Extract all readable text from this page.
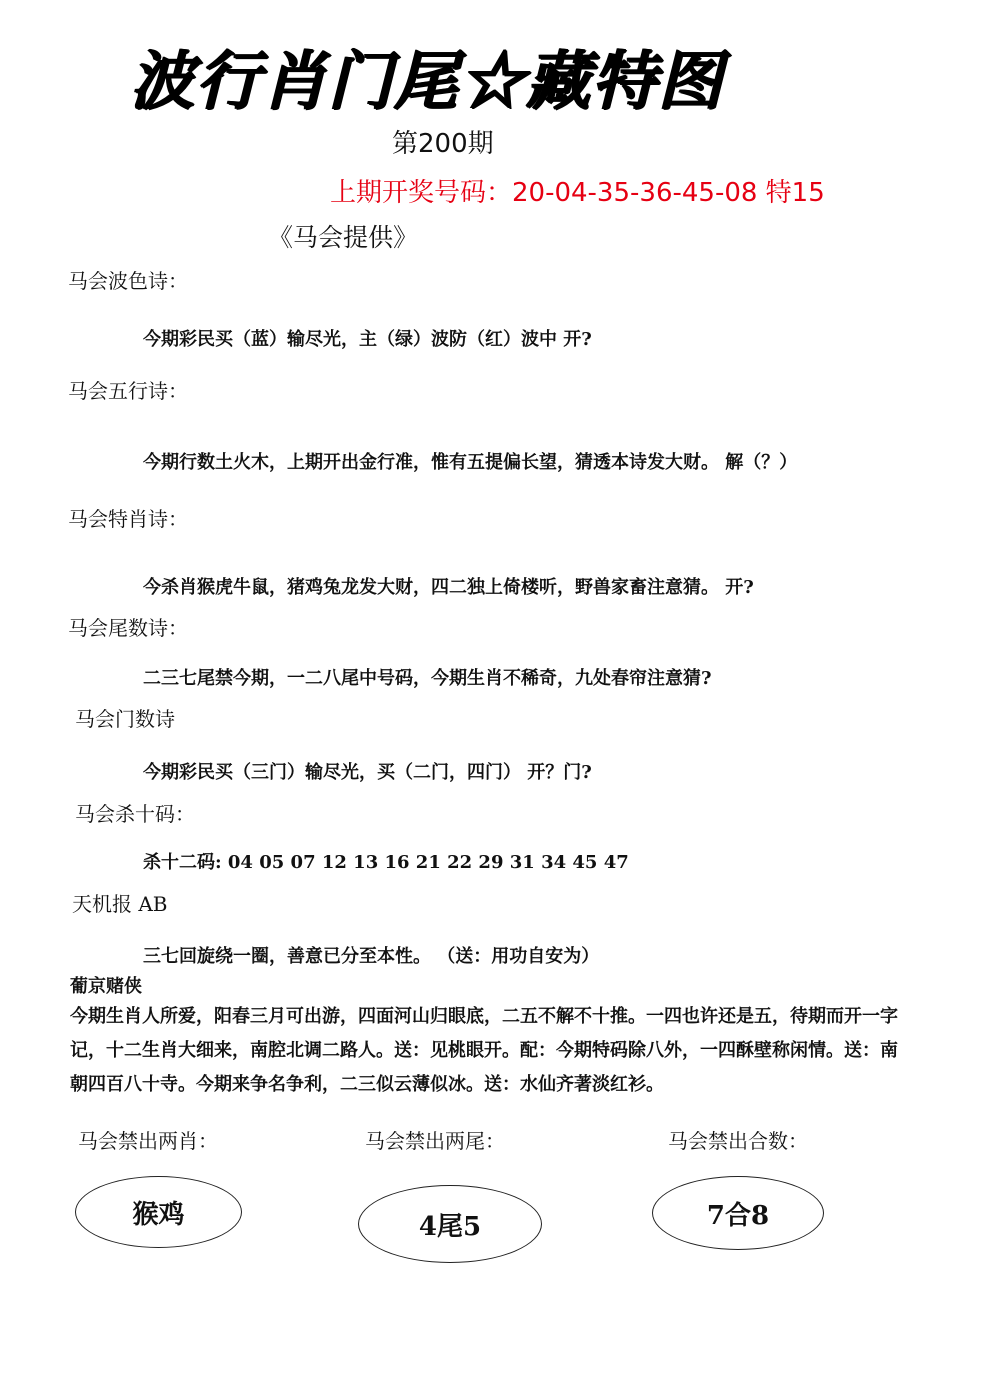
波行肖门尾☆藏特图
第200期
上期开奖号码：20-04-35-36-45-08 特15
《马会提供》
马会波色诗：
今期彩民买（蓝）输尽光，主（绿）波防（红）波中 开?
马会五行诗：
今期行数土火木，上期开出金行准，惟有五提偏长望，猜透本诗发大财。 解（？）
马会特肖诗：
今杀肖猴虎牛鼠，猪鸡兔龙发大财，四二独上倚楼听，野兽家畜注意猜。 开?
马会尾数诗：
二三七尾禁今期，一二八尾中号码，今期生肖不稀奇，九处春帘注意猜?
马会门数诗
今期彩民买（三门）输尽光，买（二门，四门） 开？门?
马会杀十码：
杀十二码: 04 05 07 12 13 16 21 22 29 31 34 45 47
天机报 AB
三七回旋绕一圈，善意已分至本性。 （送：用功自安为）
葡京赌侠
今期生肖人所爱，阳春三月可出游，四面河山归眼底，二五不解不十推。一四也许还是五，待期而开一字记，十二生肖大细来，南腔北调二路人。送：见桃眼开。配：今期特码除八外，一四酥壁称闲情。送：南朝四百八十寺。今期来争名争利，二三似云薄似冰。送：水仙齐著淡红衫。
马会禁出两肖：	马会禁出两尾：	马会禁出合数：
猴鸡	4尾5	7合8
